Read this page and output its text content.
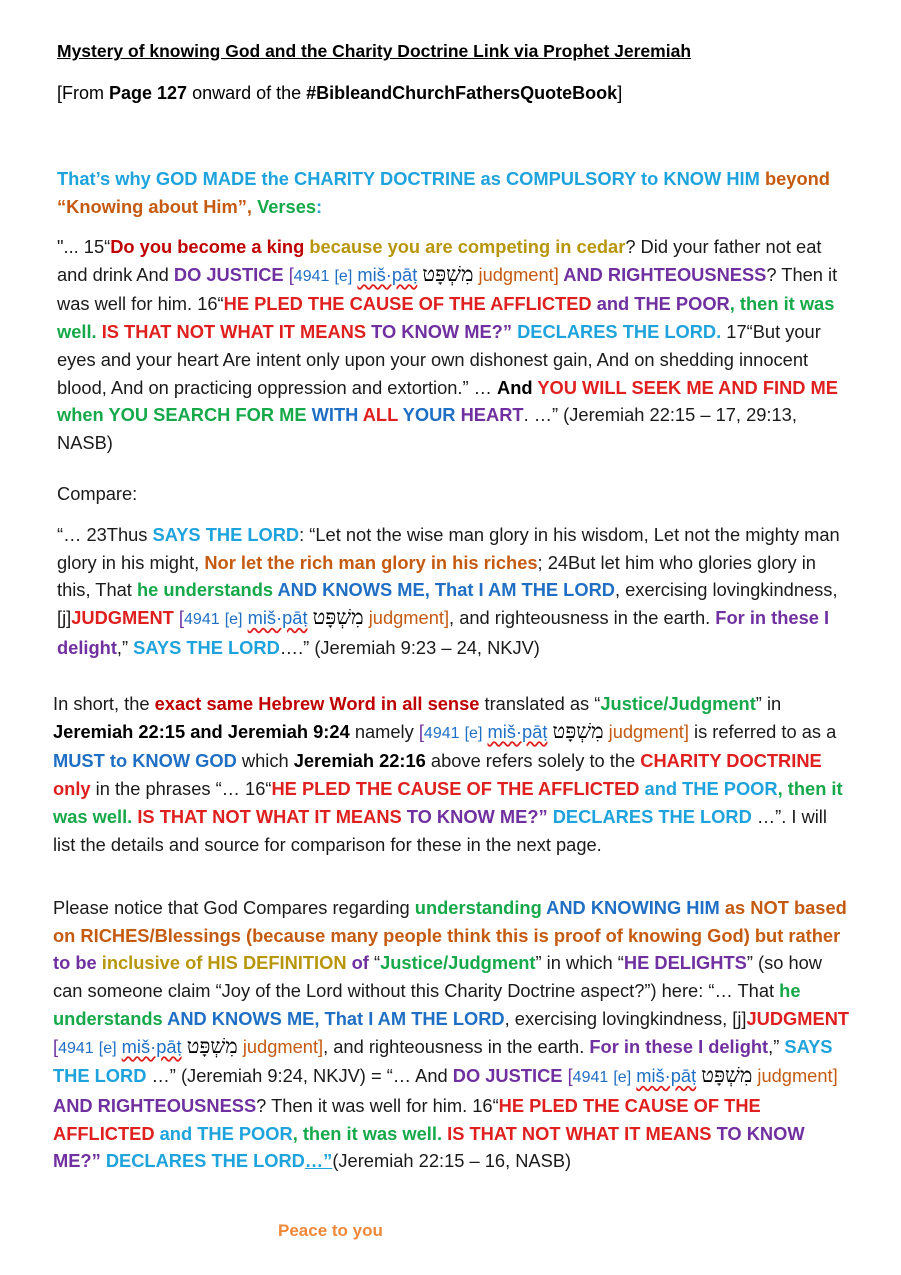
Mystery of knowing God and the Charity Doctrine Link via Prophet Jeremiah
[From Page 127 onward of the #BibleandChurchFathersQuoteBook]
That’s why GOD MADE the CHARITY DOCTRINE as COMPULSORY to KNOW HIM beyond “Knowing about Him”, Verses:
"... 15“Do you become a king because you are competing in cedar? Did your father not eat and drink And DO JUSTICE [4941 [e] miš·pāṭ מִשְׁפָּט judgment] AND RIGHTEOUSNESS? Then it was well for him. 16“HE PLED THE CAUSE OF THE AFFLICTED and THE POOR, then it was well. IS THAT NOT WHAT IT MEANS TO KNOW ME?” DECLARES THE LORD. 17“But your eyes and your heart Are intent only upon your own dishonest gain, And on shedding innocent blood, And on practicing oppression and extortion.” … And YOU WILL SEEK ME AND FIND ME when YOU SEARCH FOR ME WITH ALL YOUR HEART. …” (Jeremiah 22:15 – 17, 29:13, NASB)
Compare:
“… 23Thus SAYS THE LORD: “Let not the wise man glory in his wisdom, Let not the mighty man glory in his might, Nor let the rich man glory in his riches; 24But let him who glories glory in this, That he understands AND KNOWS ME, That I AM THE LORD, exercising lovingkindness, [j]JUDGMENT [4941 [e] miš·pāṭ מִשְׁפָּט judgment], and righteousness in the earth. For in these I delight,” SAYS THE LORD….” (Jeremiah 9:23 – 24, NKJV)
In short, the exact same Hebrew Word in all sense translated as “Justice/Judgment” in Jeremiah 22:15 and Jeremiah 9:24 namely [4941 [e] miš·pāṭ מִשְׁפָּט judgment] is referred to as a MUST to KNOW GOD which Jeremiah 22:16 above refers solely to the CHARITY DOCTRINE only in the phrases “… 16“HE PLED THE CAUSE OF THE AFFLICTED and THE POOR, then it was well. IS THAT NOT WHAT IT MEANS TO KNOW ME?” DECLARES THE LORD …”. I will list the details and source for comparison for these in the next page.
Please notice that God Compares regarding understanding AND KNOWING HIM as NOT based on RICHES/Blessings (because many people think this is proof of knowing God) but rather to be inclusive of HIS DEFINITION of “Justice/Judgment” in which “HE DELIGHTS” (so how can someone claim “Joy of the Lord without this Charity Doctrine aspect?”) here: “… That he understands AND KNOWS ME, That I AM THE LORD, exercising lovingkindness, [j]JUDGMENT [4941 [e] miš·pāṭ מִשְׁפָּט judgment], and righteousness in the earth. For in these I delight,” SAYS THE LORD …” (Jeremiah 9:24, NKJV) = “… And DO JUSTICE [4941 [e] miš·pāṭ מִשְׁפָּט judgment] AND RIGHTEOUSNESS? Then it was well for him. 16“HE PLED THE CAUSE OF THE AFFLICTED and THE POOR, then it was well. IS THAT NOT WHAT IT MEANS TO KNOW ME?” DECLARES THE LORD…”(Jeremiah 22:15 – 16, NASB)
Peace to you
